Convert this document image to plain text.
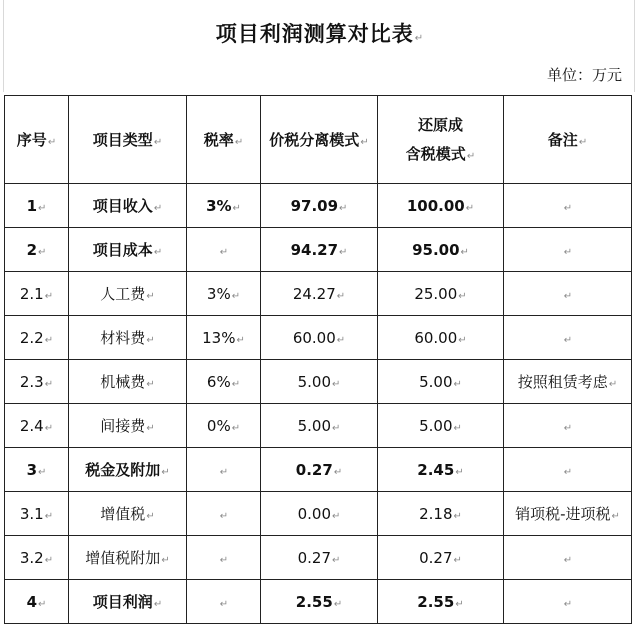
项目利润测算对比表↵
单位：万元
序号↵	项目类型↵	税率↵	价税分离模式↵	还原成
含税模式↵	备注↵
1↵	项目收入↵	3%↵	97.09↵	100.00↵	↵
2↵	项目成本↵	↵	94.27↵	95.00↵	↵
2.1↵	人工费↵	3%↵	24.27↵	25.00↵	↵
2.2↵	材料费↵	13%↵	60.00↵	60.00↵	↵
2.3↵	机械费↵	6%↵	5.00↵	5.00↵	按照租赁考虑↵
2.4↵	间接费↵	0%↵	5.00↵	5.00↵	↵
3↵	税金及附加↵	↵	0.27↵	2.45↵	↵
3.1↵	增值税↵	↵	0.00↵	2.18↵	销项税-进项税↵
3.2↵	增值税附加↵	↵	0.27↵	0.27↵	↵
4↵	项目利润↵	↵	2.55↵	2.55↵	↵
